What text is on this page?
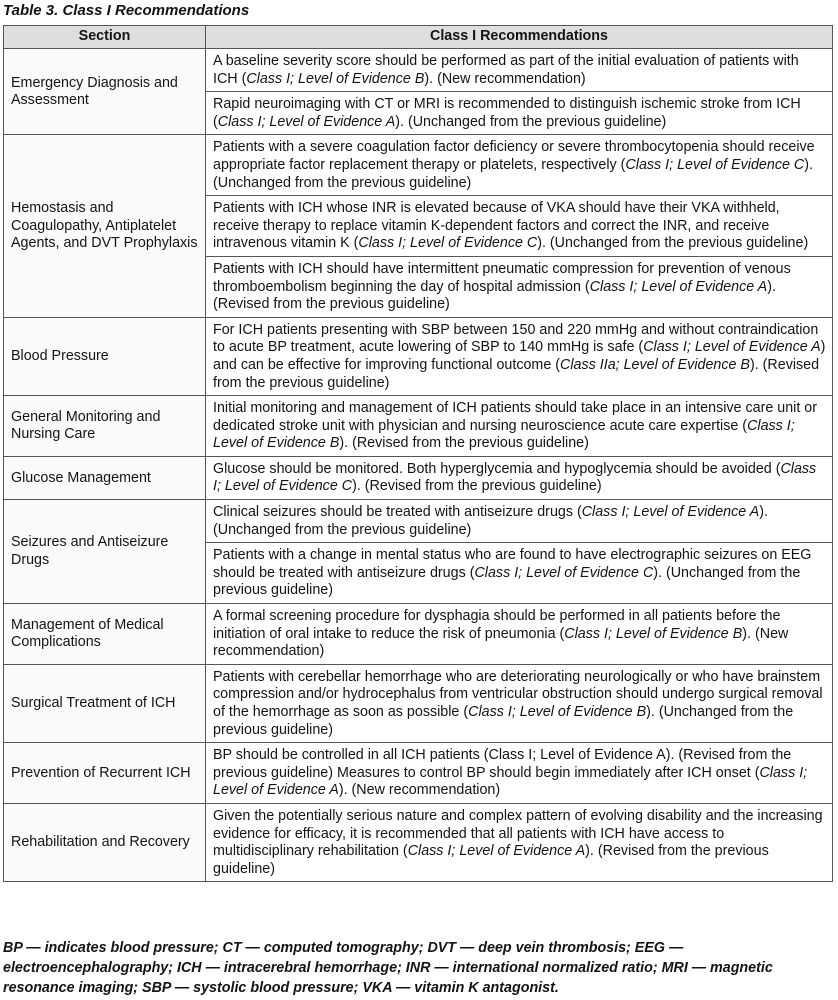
Table 3. Class I Recommendations
Section	Class I Recommendations
Emergency Diagnosis and Assessment	A baseline severity score should be performed as part of the initial evaluation of patients with ICH (Class I; Level of Evidence B). (New recommendation)
	Rapid neuroimaging with CT or MRI is recommended to distinguish ischemic stroke from ICH (Class I; Level of Evidence A). (Unchanged from the previous guideline)
Hemostasis and Coagulopathy, Antiplatelet Agents, and DVT Prophylaxis	Patients with a severe coagulation factor deficiency or severe thrombocytopenia should receive appropriate factor replacement therapy or platelets, respectively (Class I; Level of Evidence C). (Unchanged from the previous guideline)
	Patients with ICH whose INR is elevated because of VKA should have their VKA withheld, receive therapy to replace vitamin K-dependent factors and correct the INR, and receive intravenous vitamin K (Class I; Level of Evidence C). (Unchanged from the previous guideline)
	Patients with ICH should have intermittent pneumatic compression for prevention of venous thromboembolism beginning the day of hospital admission (Class I; Level of Evidence A). (Revised from the previous guideline)
Blood Pressure	For ICH patients presenting with SBP between 150 and 220 mmHg and without contraindication to acute BP treatment, acute lowering of SBP to 140 mmHg is safe (Class I; Level of Evidence A) and can be effective for improving functional outcome (Class IIa; Level of Evidence B). (Revised from the previous guideline)
General Monitoring and Nursing Care	Initial monitoring and management of ICH patients should take place in an intensive care unit or dedicated stroke unit with physician and nursing neuroscience acute care expertise (Class I; Level of Evidence B). (Revised from the previous guideline)
Glucose Management	Glucose should be monitored. Both hyperglycemia and hypoglycemia should be avoided (Class I; Level of Evidence C). (Revised from the previous guideline)
Seizures and Antiseizure Drugs	Clinical seizures should be treated with antiseizure drugs (Class I; Level of Evidence A). (Unchanged from the previous guideline)
	Patients with a change in mental status who are found to have electrographic seizures on EEG should be treated with antiseizure drugs (Class I; Level of Evidence C). (Unchanged from the previous guideline)
Management of Medical Complications	A formal screening procedure for dysphagia should be performed in all patients before the initiation of oral intake to reduce the risk of pneumonia (Class I; Level of Evidence B). (New recommendation)
Surgical Treatment of ICH	Patients with cerebellar hemorrhage who are deteriorating neurologically or who have brainstem compression and/or hydrocephalus from ventricular obstruction should undergo surgical removal of the hemorrhage as soon as possible (Class I; Level of Evidence B). (Unchanged from the previous guideline)
Prevention of Recurrent ICH	BP should be controlled in all ICH patients (Class I; Level of Evidence A). (Revised from the previous guideline) Measures to control BP should begin immediately after ICH onset (Class I; Level of Evidence A). (New recommendation)
Rehabilitation and Recovery	Given the potentially serious nature and complex pattern of evolving disability and the increasing evidence for efficacy, it is recommended that all patients with ICH have access to multidisciplinary rehabilitation (Class I; Level of Evidence A). (Revised from the previous guideline)
BP — indicates blood pressure; CT — computed tomography; DVT — deep vein thrombosis; EEG — electroencephalography; ICH — intracerebral hemorrhage; INR — international normalized ratio; MRI — magnetic resonance imaging; SBP — systolic blood pressure; VKA — vitamin K antagonist.
